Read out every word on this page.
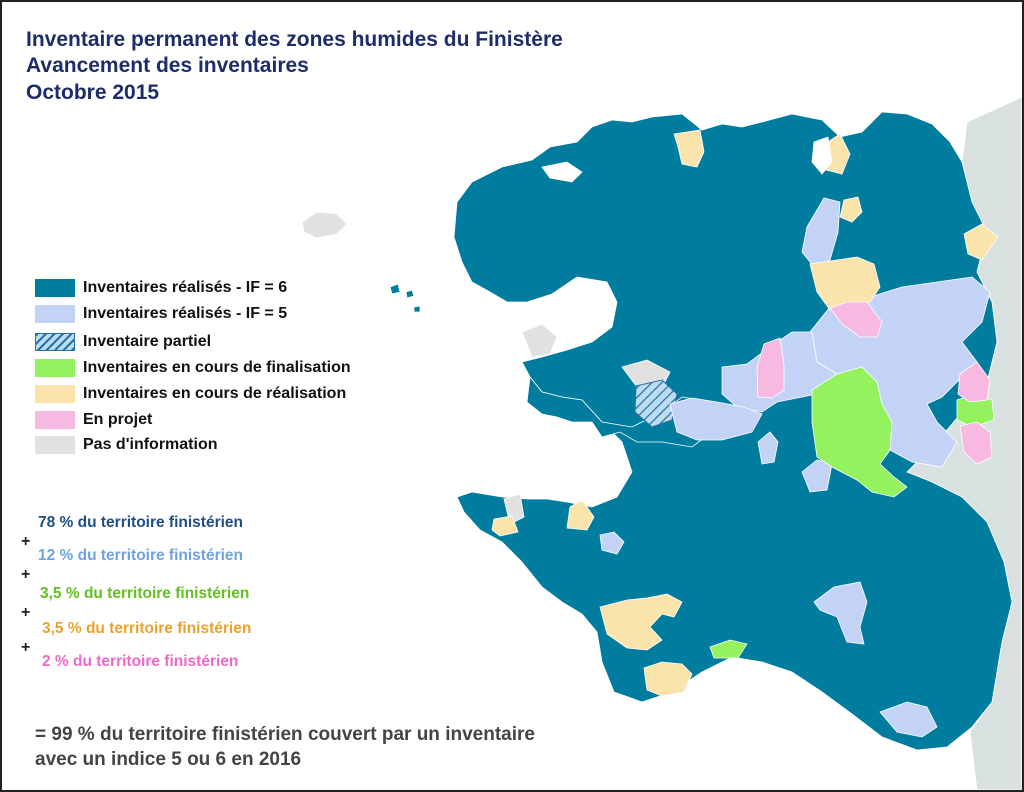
Inventaire permanent des zones humides du Finistère
Avancement des inventaires
Octobre 2015
Inventaires réalisés - IF = 6
Inventaires réalisés - IF = 5
Inventaire partiel
Inventaires en cours de finalisation
Inventaires en cours de réalisation
En projet
Pas d'information
78 % du territoire finistérien
+
12 % du territoire finistérien
+
3,5 % du territoire finistérien
+
3,5 % du territoire finistérien
+
2 % du territoire finistérien
= 99 % du territoire finistérien couvert par un inventaire
avec un indice 5 ou 6 en 2016
